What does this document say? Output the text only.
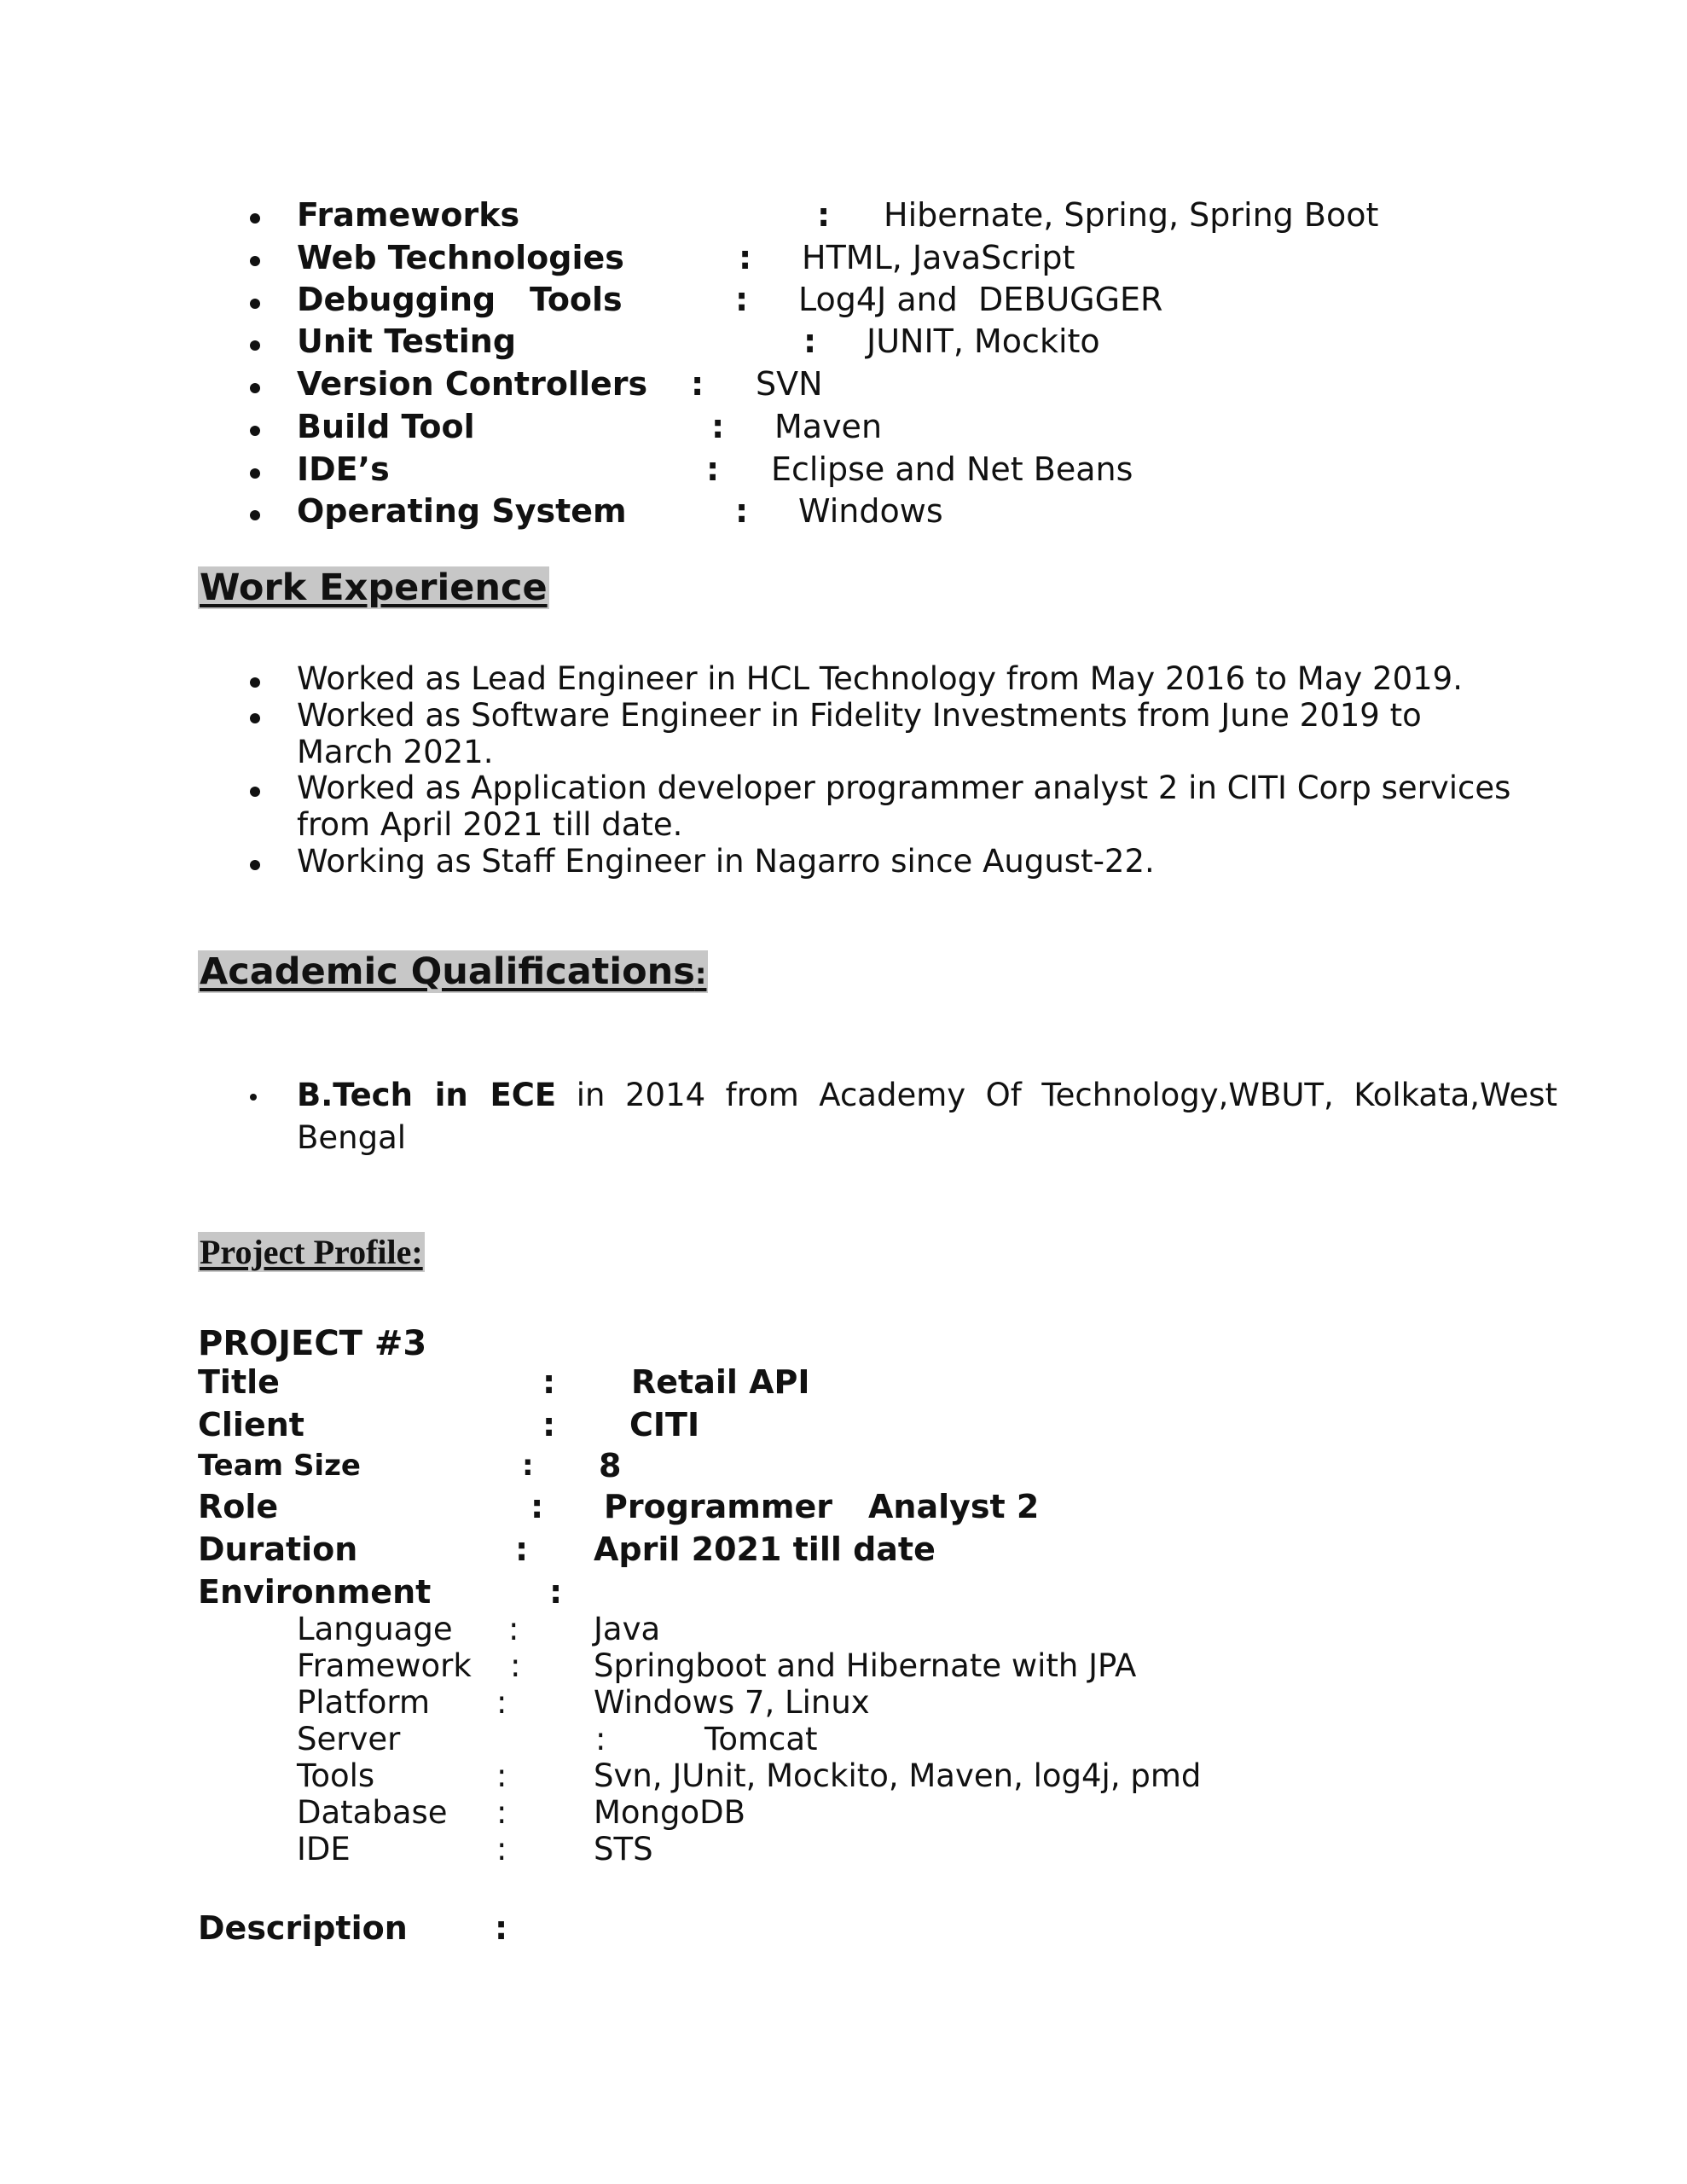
Frameworks	: Hibernate, Spring, Spring Boot
Web Technologies	: HTML, JavaScript
Debugging   Tools	: Log4J and  DEBUGGER
Unit Testing	: JUNIT, Mockito
Version Controllers : SVN
Build Tool	: Maven
IDE’s	: Eclipse and Net Beans
Operating System	: Windows
Work Experience
Worked as Lead Engineer in HCL Technology from May 2016 to May 2019.
Worked as Software Engineer in Fidelity Investments from June 2019 to
March 2021.
Worked as Application developer programmer analyst 2 in CITI Corp services
from April 2021 till date.
Working as Staff Engineer in Nagarro since August-22.
Academic Qualifications:
B.Tech  in  ECE in  2014  from  Academy  Of  Technology,WBUT,  Kolkata,West
Bengal
Project Profile:
PROJECT #3
Title	: Retail API
Client	: CITI
Team Size	: 8
Role	: Programmer Analyst 2
Duration	: April 2021 till date
Environment	:
Language : Java
Framework : Springboot and Hibernate with JPA
Platform :	Windows 7, Linux
Server	:	Tomcat
Tools	:	Svn, JUnit, Mockito, Maven, log4j, pmd
Database :	MongoDB
IDE	:	STS
Description	:
